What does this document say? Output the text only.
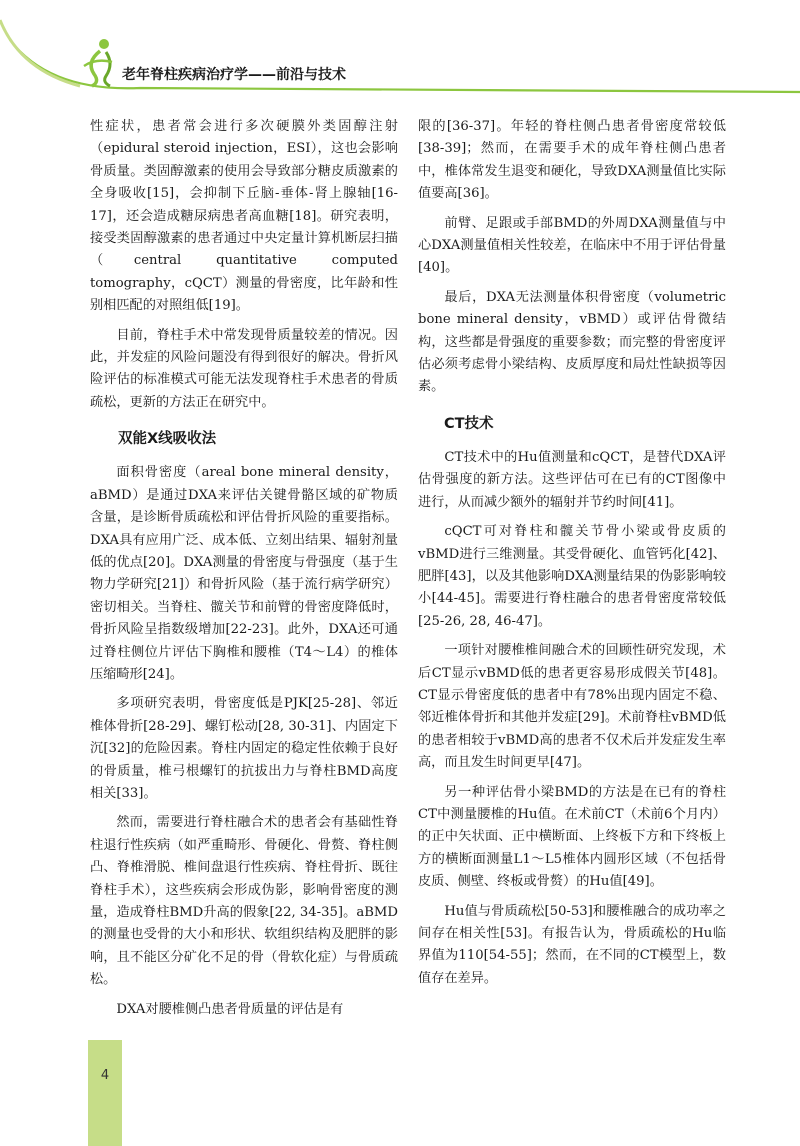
老年脊柱疾病治疗学——前沿与技术

性症状，患者常会进行多次硬膜外类固醇注射（epidural steroid injection，ESI），这也会影响骨质量。类固醇激素的使用会导致部分糖皮质激素的全身吸收[15]，会抑制下丘脑-垂体-肾上腺轴[16-17]，还会造成糖尿病患者高血糖[18]。研究表明，接受类固醇激素的患者通过中央定量计算机断层扫描（central quantitative computed tomography，cQCT）测量的骨密度，比年龄和性别相匹配的对照组低[19]。

目前，脊柱手术中常发现骨质量较差的情况。因此，并发症的风险问题没有得到很好的解决。骨折风险评估的标准模式可能无法发现脊柱手术患者的骨质疏松，更新的方法正在研究中。

双能X线吸收法

面积骨密度（areal bone mineral density，aBMD）是通过DXA来评估关键骨骼区域的矿物质含量，是诊断骨质疏松和评估骨折风险的重要指标。DXA具有应用广泛、成本低、立刻出结果、辐射剂量低的优点[20]。DXA测量的骨密度与骨强度（基于生物力学研究[21]）和骨折风险（基于流行病学研究）密切相关。当脊柱、髋关节和前臂的骨密度降低时，骨折风险呈指数级增加[22-23]。此外，DXA还可通过脊柱侧位片评估下胸椎和腰椎（T4～L4）的椎体压缩畸形[24]。

多项研究表明，骨密度低是PJK[25-28]、邻近椎体骨折[28-29]、螺钉松动[28, 30-31]、内固定下沉[32]的危险因素。脊柱内固定的稳定性依赖于良好的骨质量，椎弓根螺钉的抗拔出力与脊柱BMD高度相关[33]。

然而，需要进行脊柱融合术的患者会有基础性脊柱退行性疾病（如严重畸形、骨硬化、骨赘、脊柱侧凸、脊椎滑脱、椎间盘退行性疾病、脊柱骨折、既往脊柱手术），这些疾病会形成伪影，影响骨密度的测量，造成脊柱BMD升高的假象[22, 34-35]。aBMD的测量也受骨的大小和形状、软组织结构及肥胖的影响，且不能区分矿化不足的骨（骨软化症）与骨质疏松。

DXA对腰椎侧凸患者骨质量的评估是有

限的[36-37]。年轻的脊柱侧凸患者骨密度常较低[38-39]；然而，在需要手术的成年脊柱侧凸患者中，椎体常发生退变和硬化，导致DXA测量值比实际值要高[36]。

前臂、足跟或手部BMD的外周DXA测量值与中心DXA测量值相关性较差，在临床中不用于评估骨量[40]。

最后，DXA无法测量体积骨密度（volumetric bone mineral density，vBMD）或评估骨微结构，这些都是骨强度的重要参数；而完整的骨密度评估必须考虑骨小梁结构、皮质厚度和局灶性缺损等因素。

CT技术

CT技术中的Hu值测量和cQCT，是替代DXA评估骨强度的新方法。这些评估可在已有的CT图像中进行，从而减少额外的辐射并节约时间[41]。

cQCT可对脊柱和髋关节骨小梁或骨皮质的vBMD进行三维测量。其受骨硬化、血管钙化[42]、肥胖[43]，以及其他影响DXA测量结果的伪影影响较小[44-45]。需要进行脊柱融合的患者骨密度常较低[25-26, 28, 46-47]。

一项针对腰椎椎间融合术的回顾性研究发现，术后CT显示vBMD低的患者更容易形成假关节[48]。CT显示骨密度低的患者中有78%出现内固定不稳、邻近椎体骨折和其他并发症[29]。术前脊柱vBMD低的患者相较于vBMD高的患者不仅术后并发症发生率高，而且发生时间更早[47]。

另一种评估骨小梁BMD的方法是在已有的脊柱CT中测量腰椎的Hu值。在术前CT（术前6个月内）的正中矢状面、正中横断面、上终板下方和下终板上方的横断面测量L1～L5椎体内圆形区域（不包括骨皮质、侧壁、终板或骨赘）的Hu值[49]。

Hu值与骨质疏松[50-53]和腰椎融合的成功率之间存在相关性[53]。有报告认为，骨质疏松的Hu临界值为110[54-55]；然而，在不同的CT模型上，数值存在差异。

4
